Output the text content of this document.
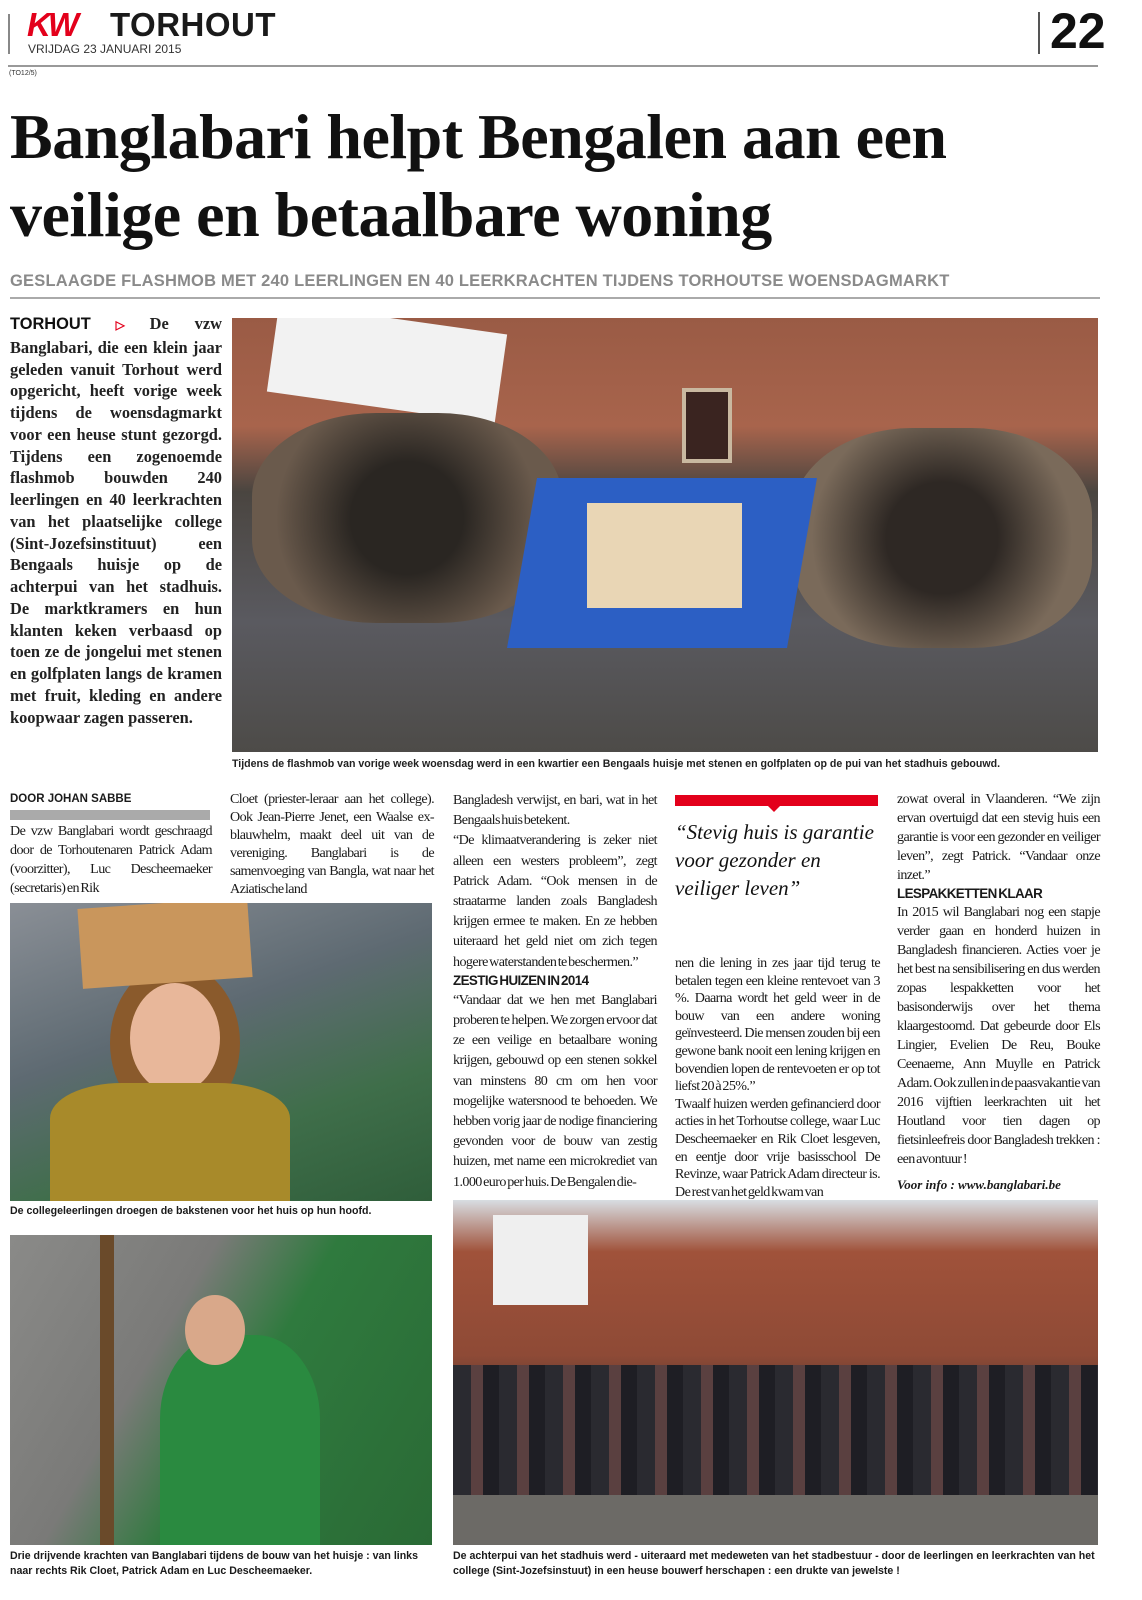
KW TORHOUT
VRIJDAG 23 JANUARI 2015	22
(TO12/5)
Banglabari helpt Bengalen aan een veilige en betaalbare woning
GESLAAGDE FLASHMOB MET 240 LEERLINGEN EN 40 LEERKRACHTEN TIJDENS TORHOUTSE WOENSDAGMARKT
TORHOUT ▷ De vzw Banglabari, die een klein jaar geleden vanuit Torhout werd opgericht, heeft vorige week tijdens de woensdagmarkt voor een heuse stunt gezorgd. Tijdens een zogenoemde flashmob bouwden 240 leerlingen en 40 leerkrachten van het plaatselijke college (Sint-Jozefsinstituut) een Bengaals huisje op de achterpui van het stadhuis. De marktkramers en hun klanten keken verbaasd op toen ze de jongelui met stenen en golfplaten langs de kramen met fruit, kleding en andere koopwaar zagen passeren.
Tijdens de flashmob van vorige week woensdag werd in een kwartier een Bengaals huisje met stenen en golfplaten op de pui van het stadhuis gebouwd.
DOOR JOHAN SABBE

De vzw Banglabari wordt geschraagd door de Torhoutenaren Patrick Adam (voorzitter), Luc Descheemaeker (secretaris) en Rik

Cloet (priester-leraar aan het college). Ook Jean-Pierre Jenet, een Waalse ex-blauwhelm, maakt deel uit van de vereniging. Banglabari is de samenvoeging van Bangla, wat naar het Aziatische land

Bangladesh verwijst, en bari, wat in het Bengaals huis betekent.

“De klimaatverandering is zeker niet alleen een westers probleem”, zegt Patrick Adam. “Ook mensen in de straatarme landen zoals Bangladesh krijgen ermee te maken. En ze hebben uiteraard het geld niet om zich tegen hogere waterstanden te beschermen.”

ZESTIG HUIZEN IN 2014

“Vandaar dat we hen met Banglabari proberen te helpen. We zorgen ervoor dat ze een veilige en betaalbare woning krijgen, gebouwd op een stenen sokkel van minstens 80 cm om hen voor mogelijke watersnood te behoeden. We hebben vorig jaar de nodige financiering gevonden voor de bouw van zestig huizen, met name een microkrediet van 1.000 euro per huis. De Bengalen die-

“Stevig huis is garantie voor gezonder en veiliger leven”

nen die lening in zes jaar tijd terug te betalen tegen een kleine rentevoet van 3 %. Daarna wordt het geld weer in de bouw van een andere woning geïnvesteerd. Die mensen zouden bij een gewone bank nooit een lening krijgen en bovendien lopen de rentevoeten er op tot liefst 20 à 25%.”

Twaalf huizen werden gefinancierd door acties in het Torhoutse college, waar Luc Descheemaeker en Rik Cloet lesgeven, en eentje door vrije basisschool De Revinze, waar Patrick Adam directeur is. De rest van het geld kwam van

zowat overal in Vlaanderen. “We zijn ervan overtuigd dat een stevig huis een garantie is voor een gezonder en veiliger leven”, zegt Patrick. “Vandaar onze inzet.”

LESPAKKETTEN KLAAR

In 2015 wil Banglabari nog een stapje verder gaan en honderd huizen in Bangladesh financieren. Acties voer je het best na sensibilisering en dus werden zopas lespakketten voor het basisonderwijs over het thema klaargestoomd. Dat gebeurde door Els Lingier, Evelien De Reu, Bouke Ceenaeme, Ann Muylle en Patrick Adam. Ook zullen in de paasvakantie van 2016 vijftien leerkrachten uit het Houtland voor tien dagen op fietsinleefreis door Bangladesh trekken : een avontuur !

Voor info : www.banglabari.be
De collegeleerlingen droegen de bakstenen voor het huis op hun hoofd.
Drie drijvende krachten van Banglabari tijdens de bouw van het huisje : van links naar rechts Rik Cloet, Patrick Adam en Luc Descheemaeker.
De achterpui van het stadhuis werd - uiteraard met medeweten van het stadbestuur - door de leerlingen en leerkrachten van het college (Sint-Jozefsinstuut) in een heuse bouwerf herschapen : een drukte van jewelste !
